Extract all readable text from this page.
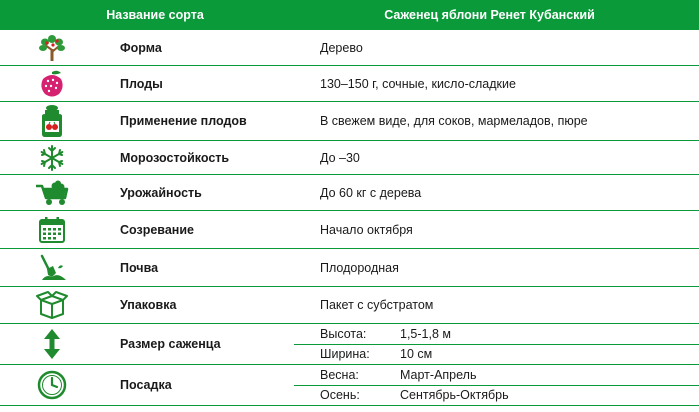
Название сорта	Саженец яблони Ренет Кубанский
Форма	Дерево
Плоды	130–150 г, сочные, кисло-сладкие
Применение плодов	В свежем виде, для соков, мармеладов, пюре
Морозостойкость	До –30
Урожайность	До 60 кг с дерева
Созревание	Начало октября
Почва	Плодородная
Упаковка	Пакет с субстратом
Размер саженца
Высота:	1,5-1,8 м
Ширина:	10 см
Посадка
Весна:	Март-Апрель
Осень:	Сентябрь-Октябрь
